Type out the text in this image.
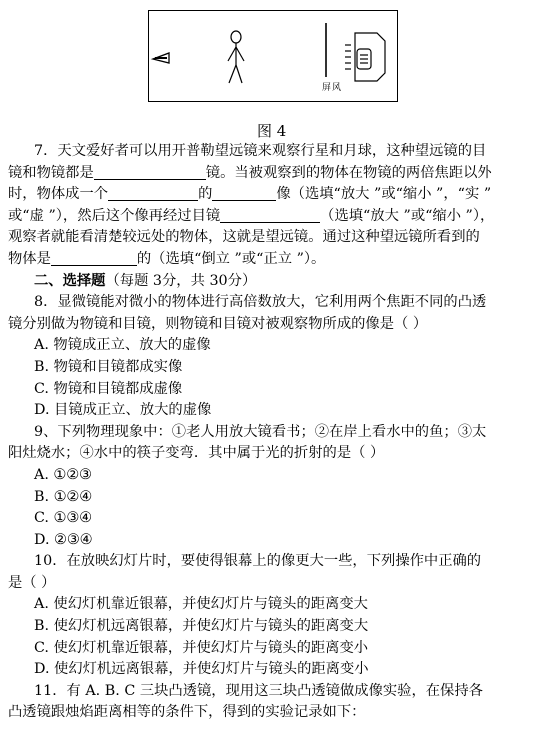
屏风
图 4
7．天文爱好者可以用开普勒望远镜来观察行星和月球，这种望远镜的目
镜和物镜都是	镜。当被观察到的物体在物镜的两倍焦距以外
时，物体成一个	的	像（选填“放大 ”或“缩小 ”，“实 ”
或“虚 ”），然后这个像再经过目镜	（选填“放大 ”或“缩小 ”），
观察者就能看清楚较远处的物体，这就是望远镜。通过这种望远镜所看到的
物体是	的（选填“倒立 ”或“正立 ”）。
二、选择题（每题 3分，共 30分）
8．显微镜能对微小的物体进行高倍数放大，它利用两个焦距不同的凸透
镜分别做为物镜和目镜，则物镜和目镜对被观察物所成的像是（ ）
A. 物镜成正立、放大的虚像
B. 物镜和目镜都成实像
C. 物镜和目镜都成虚像
D. 目镜成正立、放大的虚像
9、下列物理现象中：①老人用放大镜看书；②在岸上看水中的鱼；③太
阳灶烧水；④水中的筷子变弯．其中属于光的折射的是（ ）
A. ①②③
B. ①②④
C. ①③④
D. ②③④
10．在放映幻灯片时，要使得银幕上的像更大一些，下列操作中正确的
是（ ）
A. 使幻灯机靠近银幕，并使幻灯片与镜头的距离变大
B. 使幻灯机远离银幕，并使幻灯片与镜头的距离变大
C. 使幻灯机靠近银幕，并使幻灯片与镜头的距离变小
D. 使幻灯机远离银幕，并使幻灯片与镜头的距离变小
11．有 A. B. C 三块凸透镜，现用这三块凸透镜做成像实验，在保持各
凸透镜跟烛焰距离相等的条件下，得到的实验记录如下：
